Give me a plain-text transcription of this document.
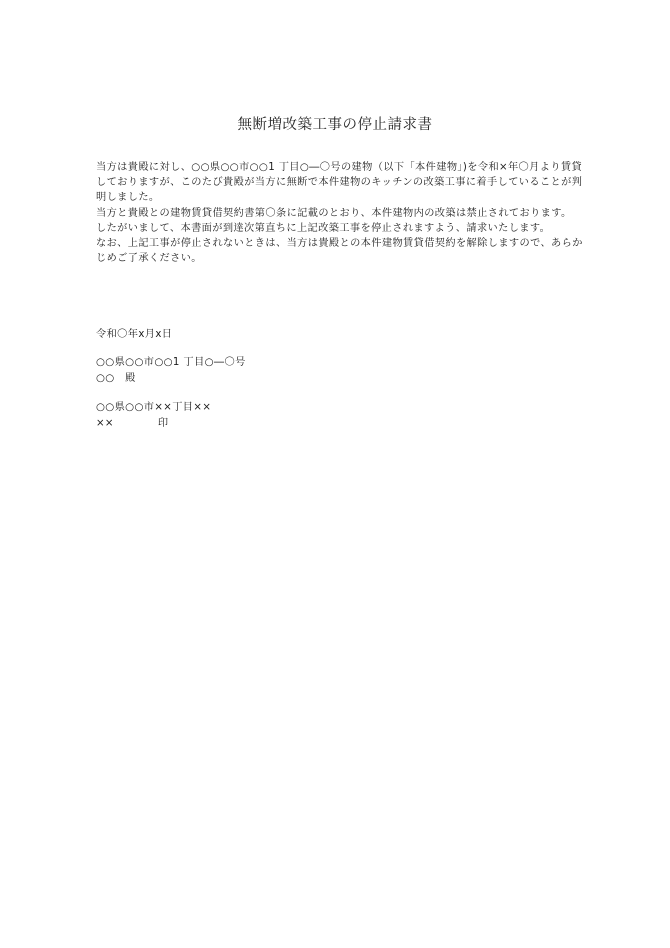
無断増改築工事の停止請求書

当方は貴殿に対し、○○県○○市○○1 丁目○―〇号の建物（以下「本件建物」)を令和×年〇月より賃貸しておりますが、このたび貴殿が当方に無断で本件建物のキッチンの改築工事に着手していることが判明しました。

当方と貴殿との建物賃貸借契約書第〇条に記載のとおり、本件建物内の改築は禁止されております。

したがいまして、本書面が到達次第直ちに上記改築工事を停止されますよう、請求いたします。

なお、上記工事が停止されないときは、当方は貴殿との本件建物賃貸借契約を解除しますので、あらかじめご了承ください。

令和〇年x月x日
○○県○○市○○1 丁目○―〇号
○○　殿
○○県○○市××丁目××
××	印
